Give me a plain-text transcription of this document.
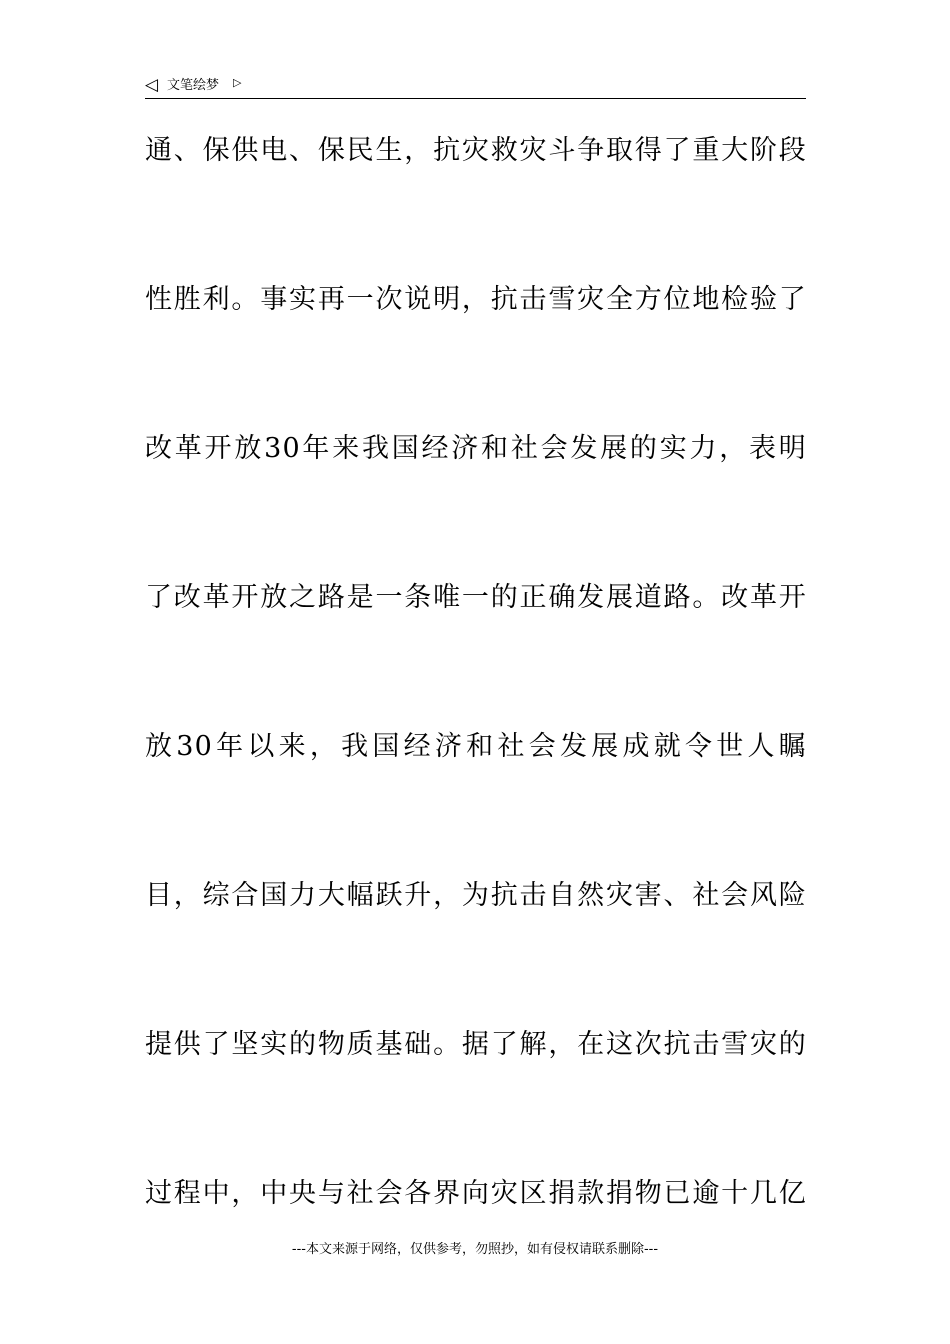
◁ 文笔绘梦 ▷
通、保供电、保民生，抗灾救灾斗争取得了重大阶段
性胜利。事实再一次说明，抗击雪灾全方位地检验了
改革开放30年来我国经济和社会发展的实力，表明
了改革开放之路是一条唯一的正确发展道路。改革开
放30年以来，我国经济和社会发展成就令世人瞩
目，综合国力大幅跃升，为抗击自然灾害、社会风险
提供了坚实的物质基础。据了解，在这次抗击雪灾的
过程中，中央与社会各界向灾区捐款捐物已逾十几亿
---本文来源于网络，仅供参考，勿照抄，如有侵权请联系删除---
